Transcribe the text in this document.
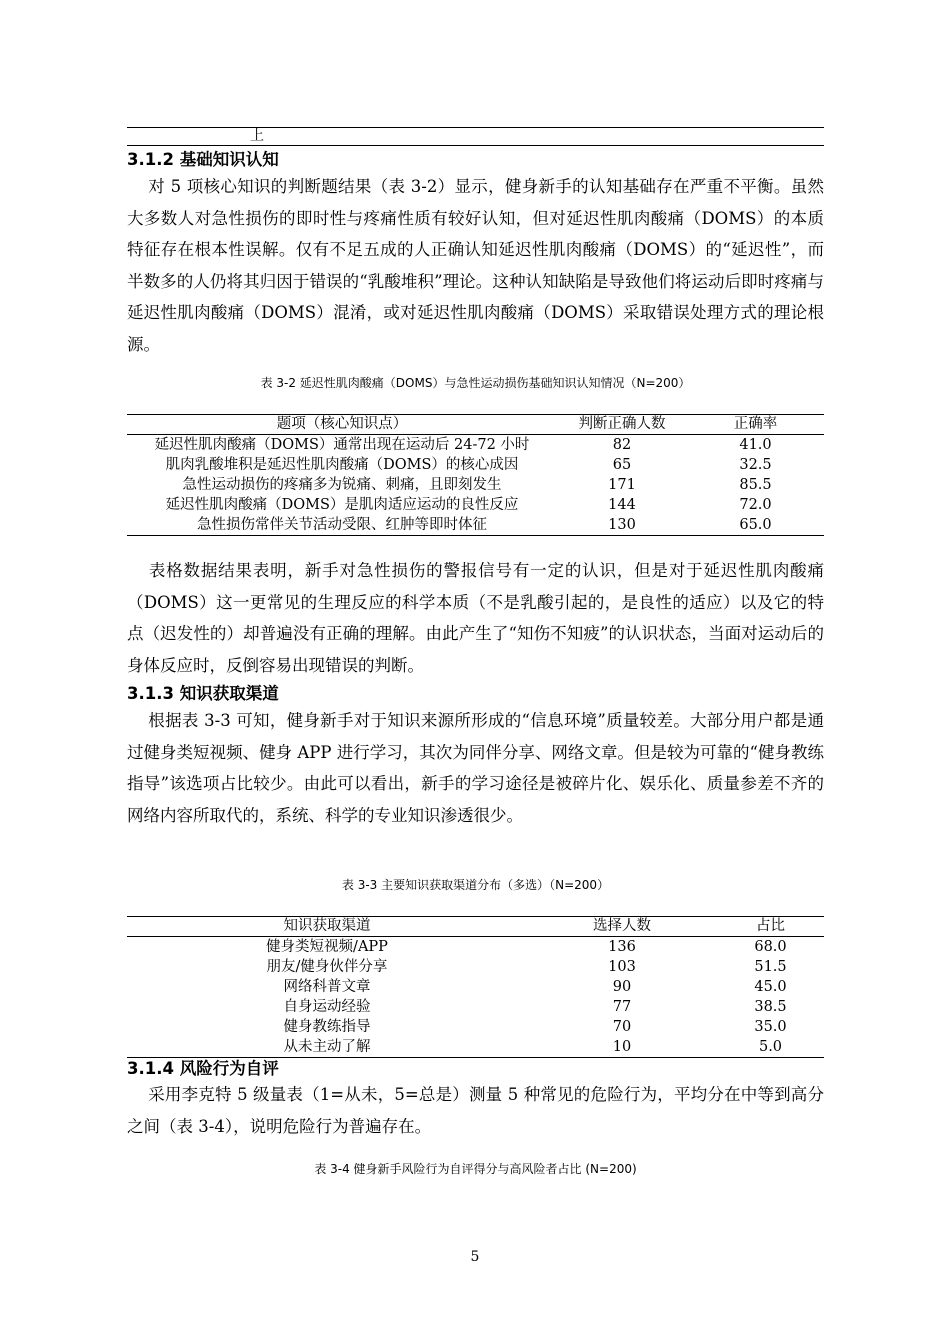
上
3.1.2 基础知识认知
对 5 项核心知识的判断题结果（表 3-2）显示，健身新手的认知基础存在严重不平衡。虽然大多数人对急性损伤的即时性与疼痛性质有较好认知，但对延迟性肌肉酸痛（DOMS）的本质特征存在根本性误解。仅有不足五成的人正确认知延迟性肌肉酸痛（DOMS）的“延迟性”，而半数多的人仍将其归因于错误的“乳酸堆积”理论。这种认知缺陷是导致他们将运动后即时疼痛与延迟性肌肉酸痛（DOMS）混淆，或对延迟性肌肉酸痛（DOMS）采取错误处理方式的理论根源。
表 3-2 延迟性肌肉酸痛（DOMS）与急性运动损伤基础知识认知情况（N=200）
题项（核心知识点）	判断正确人数	正确率

延迟性肌肉酸痛（DOMS）通常出现在运动后 24-72 小时	82	41.0
肌肉乳酸堆积是延迟性肌肉酸痛（DOMS）的核心成因	65	32.5
急性运动损伤的疼痛多为锐痛、刺痛，且即刻发生	171	85.5
延迟性肌肉酸痛（DOMS）是肌肉适应运动的良性反应	144	72.0
急性损伤常伴关节活动受限、红肿等即时体征	130	65.0
表格数据结果表明，新手对急性损伤的警报信号有一定的认识，但是对于延迟性肌肉酸痛（DOMS）这一更常见的生理反应的科学本质（不是乳酸引起的，是良性的适应）以及它的特点（迟发性的）却普遍没有正确的理解。由此产生了“知伤不知疲”的认识状态，当面对运动后的身体反应时，反倒容易出现错误的判断。
3.1.3 知识获取渠道
根据表 3-3 可知，健身新手对于知识来源所形成的“信息环境”质量较差。大部分用户都是通过健身类短视频、健身 APP 进行学习，其次为同伴分享、网络文章。但是较为可靠的“健身教练指导”该选项占比较少。由此可以看出，新手的学习途径是被碎片化、娱乐化、质量参差不齐的网络内容所取代的，系统、科学的专业知识渗透很少。
表 3-3 主要知识获取渠道分布（多选）（N=200）
知识获取渠道	选择人数	占比
健身类短视频/APP	136	68.0
朋友/健身伙伴分享	103	51.5
网络科普文章	90	45.0
自身运动经验	77	38.5
健身教练指导	70	35.0
从未主动了解	10	5.0
3.1.4 风险行为自评
采用李克特 5 级量表（1=从未，5=总是）测量 5 种常见的危险行为，平均分在中等到高分之间（表 3-4），说明危险行为普遍存在。
表 3-4 健身新手风险行为自评得分与高风险者占比 (N=200)
5
